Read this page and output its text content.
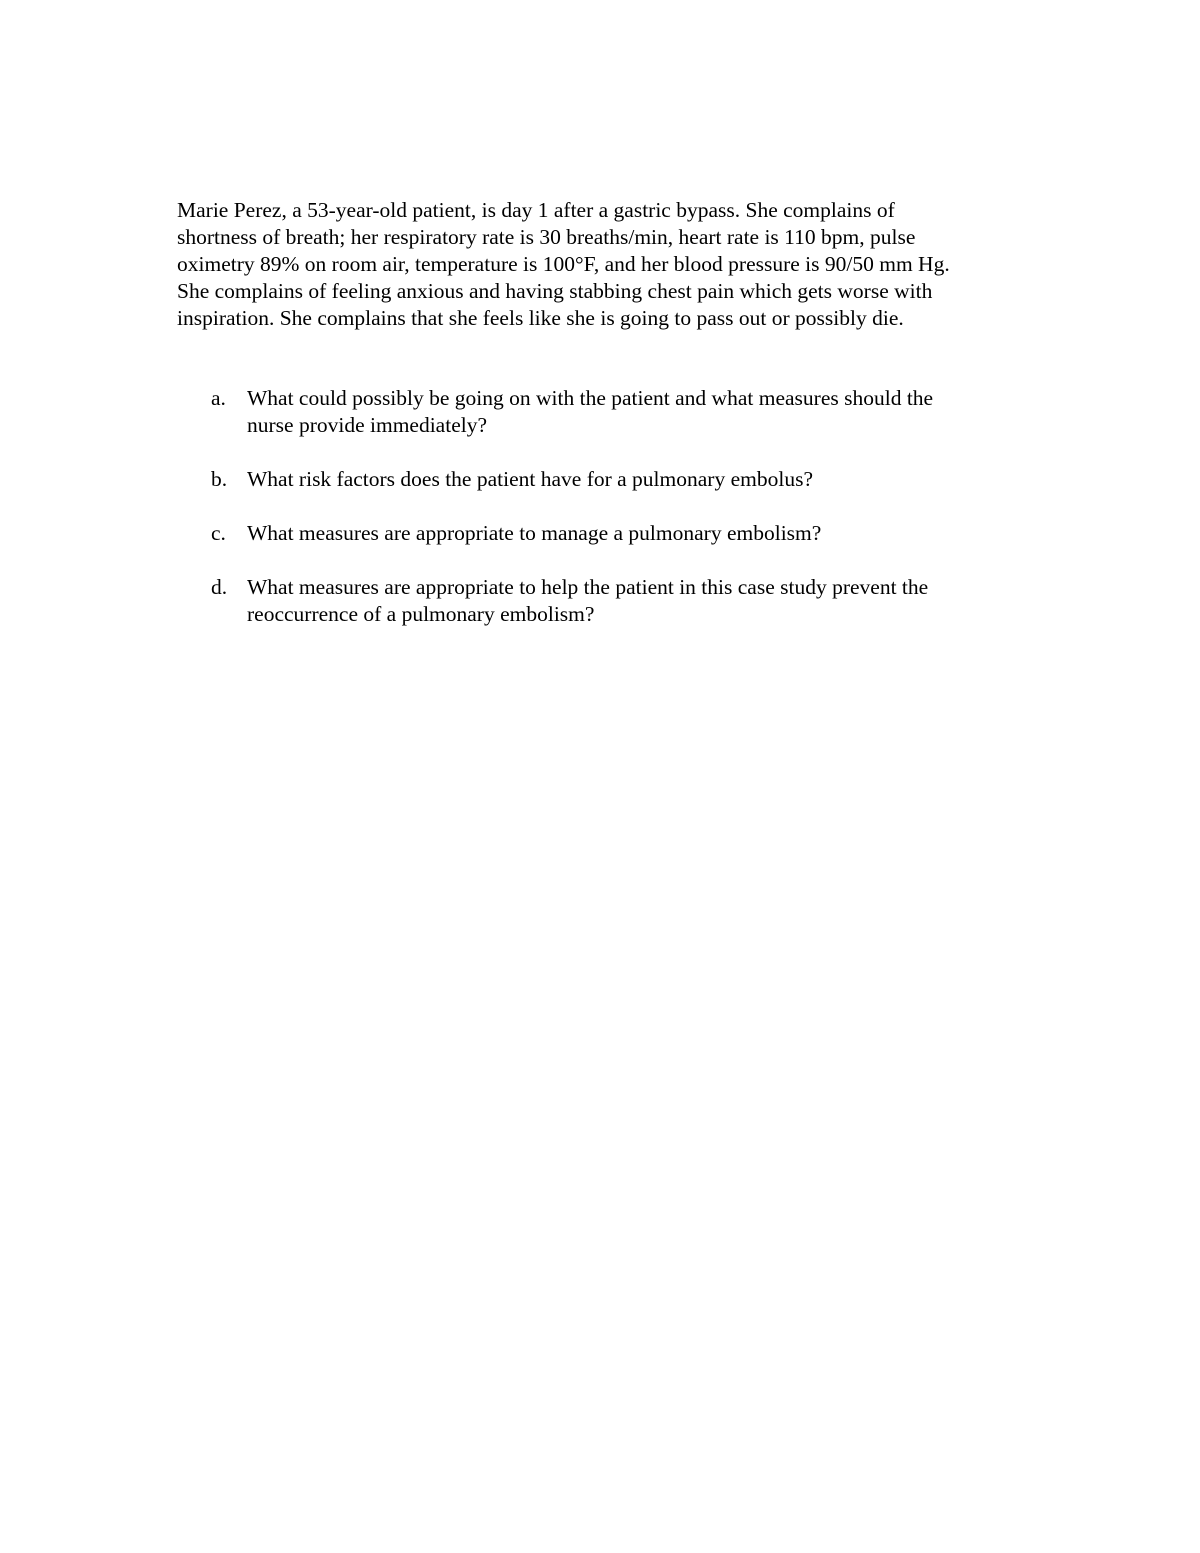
Marie Perez, a 53-year-old patient, is day 1 after a gastric bypass. She complains of
shortness of breath; her respiratory rate is 30 breaths/min, heart rate is 110 bpm, pulse
oximetry 89% on room air, temperature is 100°F, and her blood pressure is 90/50 mm Hg.
She complains of feeling anxious and having stabbing chest pain which gets worse with
inspiration. She complains that she feels like she is going to pass out or possibly die.
a. What could possibly be going on with the patient and what measures should the
nurse provide immediately?
b. What risk factors does the patient have for a pulmonary embolus?
c. What measures are appropriate to manage a pulmonary embolism?
d. What measures are appropriate to help the patient in this case study prevent the
reoccurrence of a pulmonary embolism?
